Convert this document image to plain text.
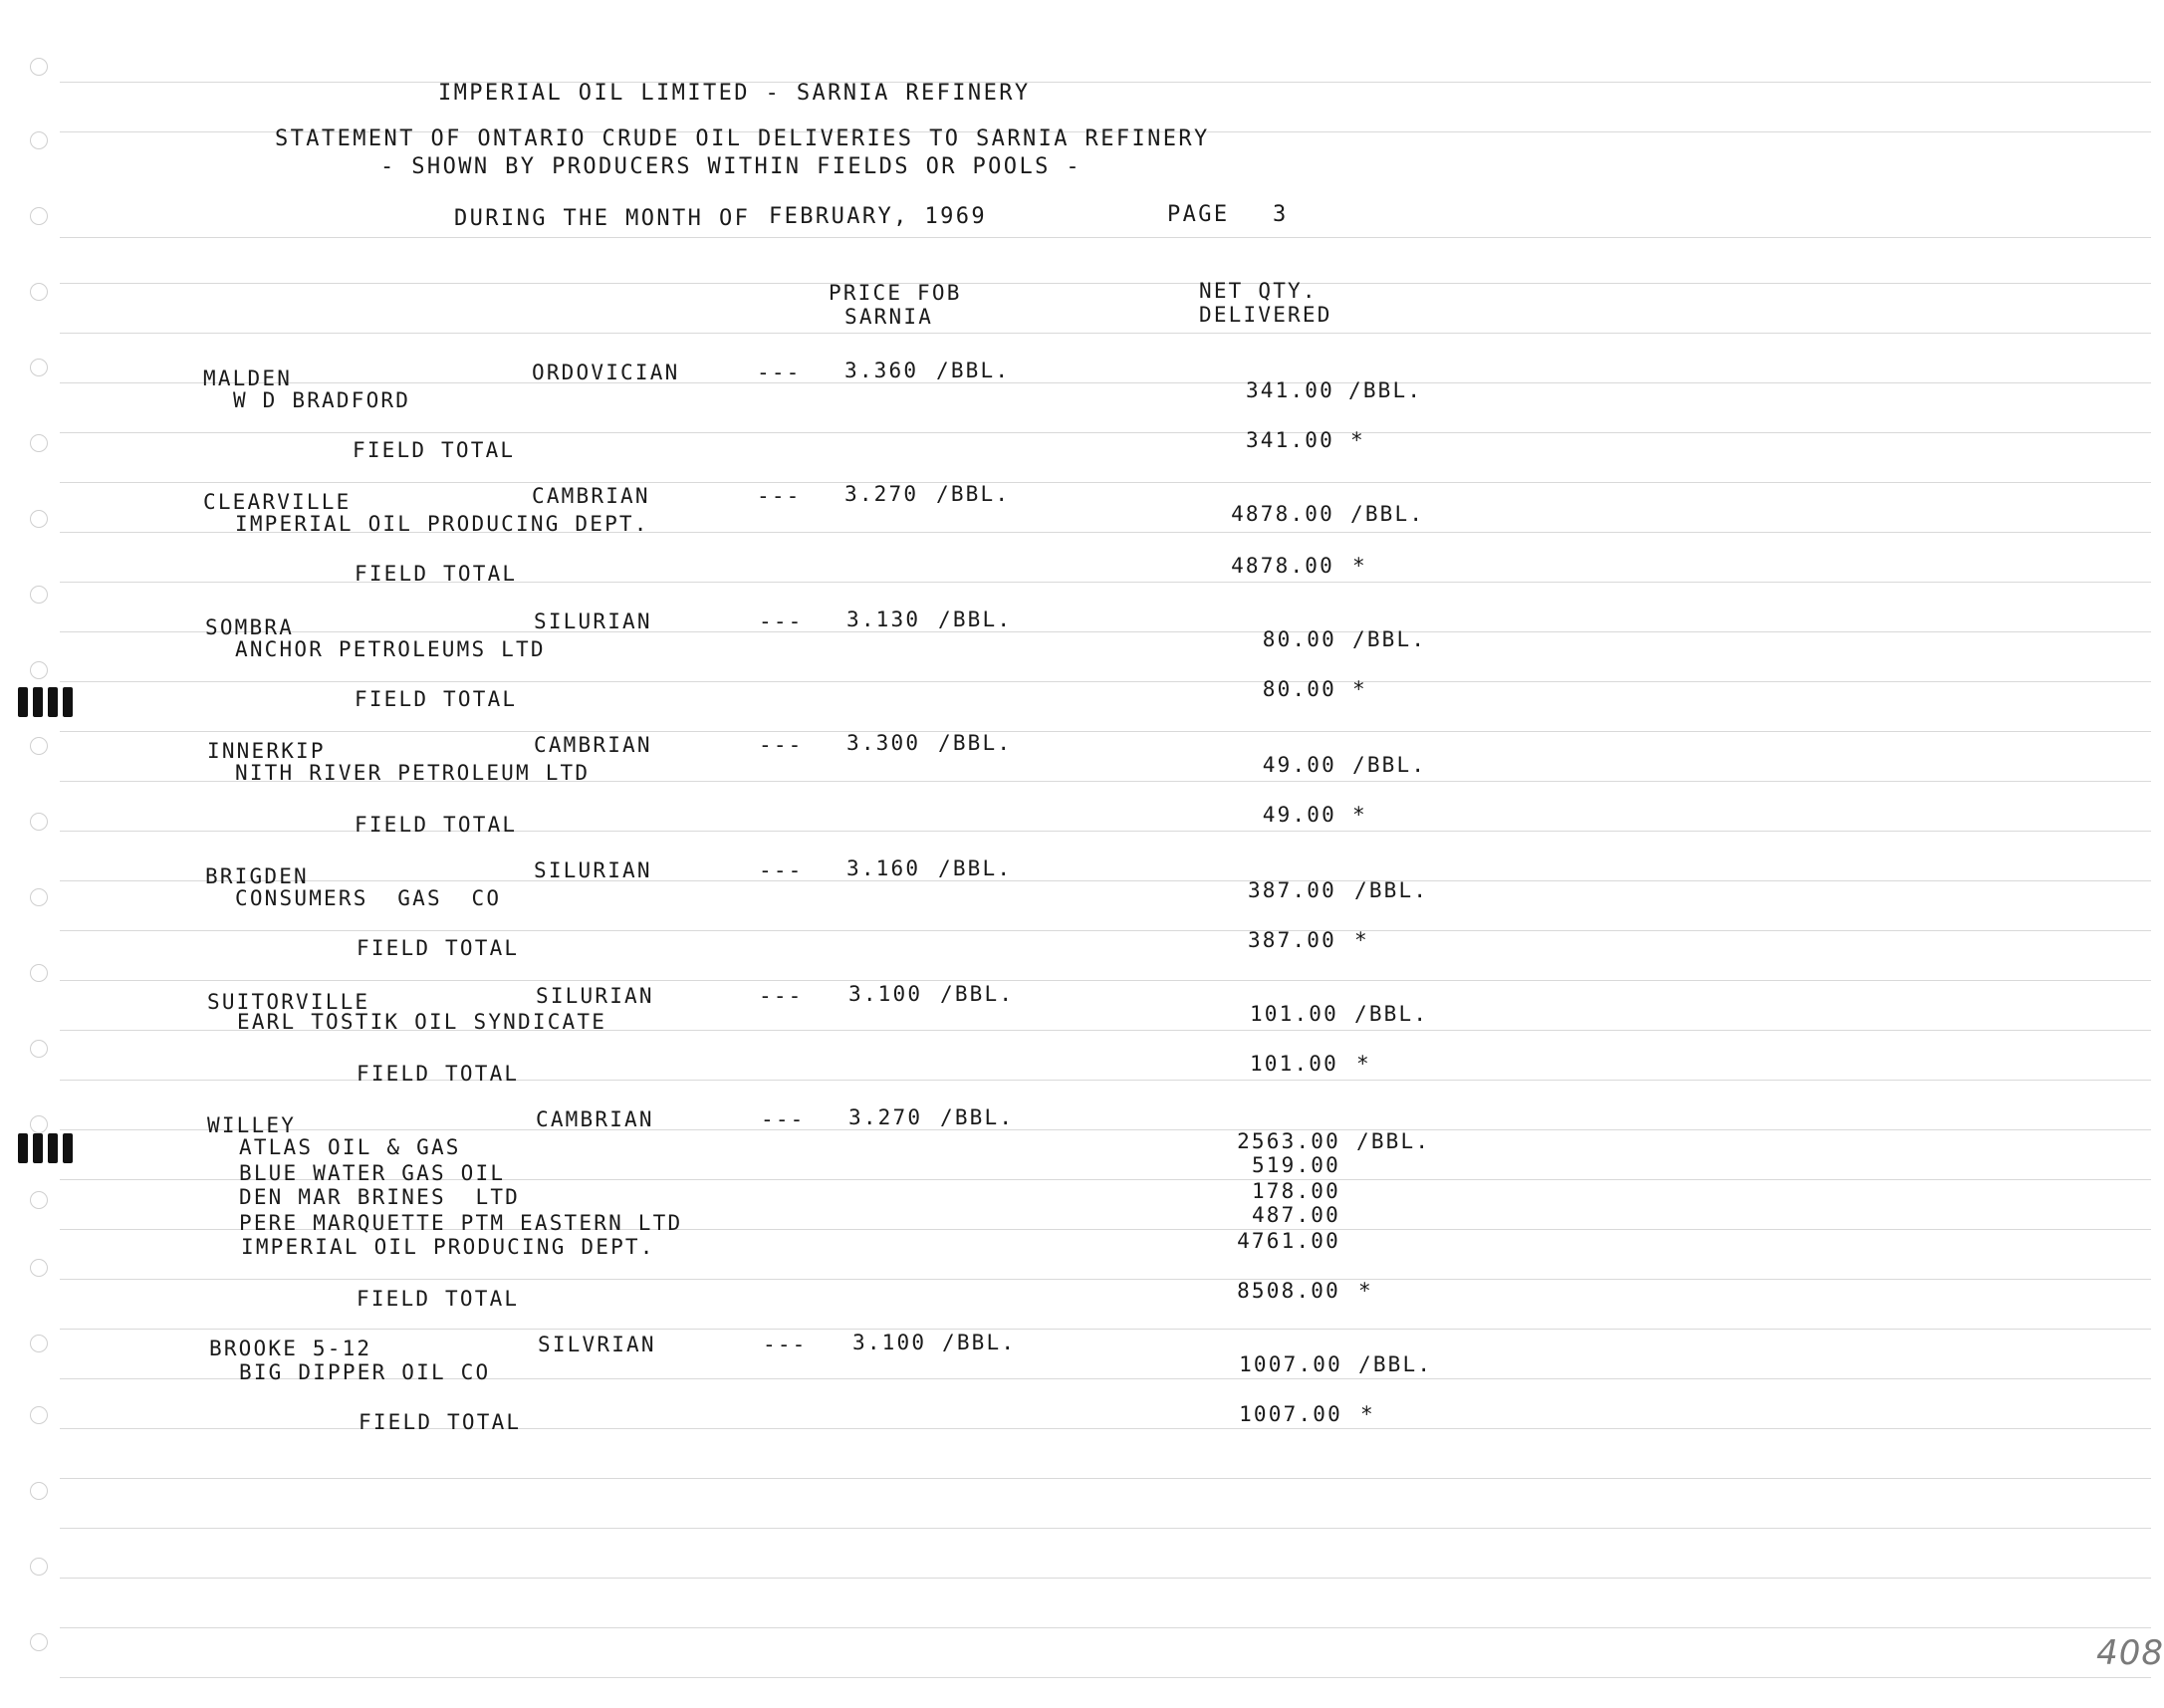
IMPERIAL OIL LIMITED - SARNIA REFINERY
STATEMENT OF ONTARIO CRUDE OIL DELIVERIES TO SARNIA REFINERY
- SHOWN BY PRODUCERS WITHIN FIELDS OR POOLS -
DURING THE MONTH OF FEBRUARY, 1969	PAGE 3
PRICE FOB
SARNIA
NET QTY.
DELIVERED
MALDEN	ORDOVICIAN	--- 3.360 /BBL.
W D BRADFORD	341.00 /BBL.
FIELD TOTAL	341.00 *
CLEARVILLE	CAMBRIAN	--- 3.270 /BBL.
IMPERIAL OIL PRODUCING DEPT.	4878.00 /BBL.
FIELD TOTAL	4878.00 *
SOMBRA	SILURIAN	--- 3.130 /BBL.
ANCHOR PETROLEUMS LTD	80.00 /BBL.
FIELD TOTAL	80.00 *
INNERKIP	CAMBRIAN	--- 3.300 /BBL.
NITH RIVER PETROLEUM LTD	49.00 /BBL.
FIELD TOTAL	49.00 *
BRIGDEN	SILURIAN	--- 3.160 /BBL.
CONSUMERS  GAS  CO	387.00 /BBL.
FIELD TOTAL	387.00 *
SUITORVILLE	SILURIAN	--- 3.100 /BBL.
EARL TOSTIK OIL SYNDICATE	101.00 /BBL.
FIELD TOTAL	101.00 *
WILLEY	CAMBRIAN	--- 3.270 /BBL.
ATLAS OIL & GAS	2563.00 /BBL.
BLUE WATER GAS OIL	519.00
DEN MAR BRINES  LTD	178.00
PERE MARQUETTE PTM EASTERN LTD	487.00
IMPERIAL OIL PRODUCING DEPT.	4761.00
FIELD TOTAL	8508.00 *
BROOKE 5-12	SILVRIAN	--- 3.100 /BBL.
BIG DIPPER OIL CO	1007.00 /BBL.
FIELD TOTAL	1007.00 *
408
